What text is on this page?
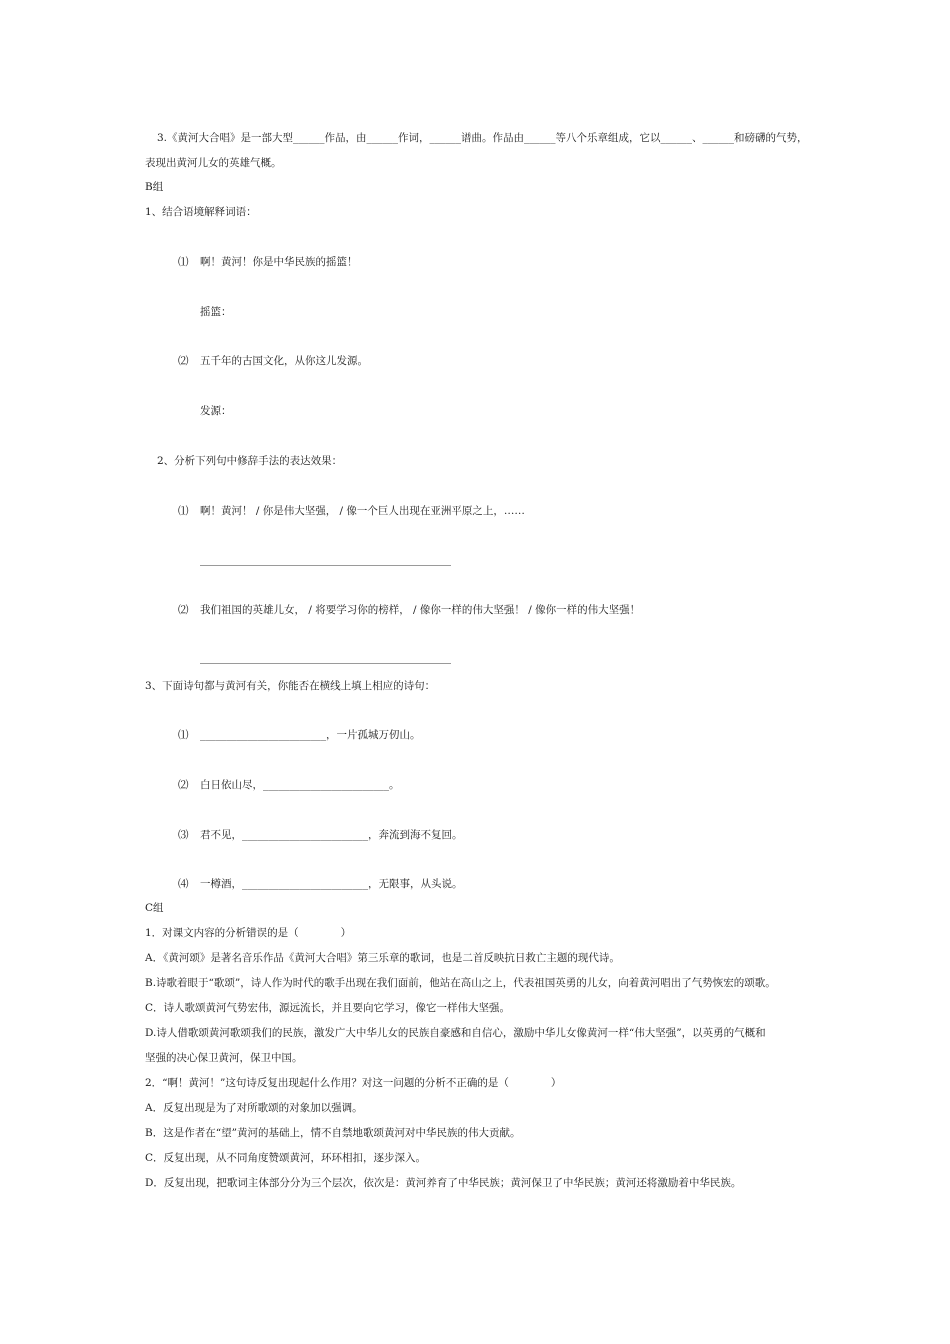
3.《黄河大合唱》是一部大型______作品，由______作词，______谱曲。作品由______等八个乐章组成，它以______、______和磅礴的气势，
表现出黄河儿女的英雄气概。
B组
1、结合语境解释词语：
⑴ 啊！黄河！你是中华民族的摇篮！
摇篮：
⑵ 五千年的古国文化，从你这儿发源。
发源：
2、分析下列句中修辞手法的表达效果：
⑴ 啊！黄河！ / 你是伟大坚强， / 像一个巨人出现在亚洲平原之上，……
⑵ 我们祖国的英雄儿女， / 将要学习你的榜样， / 像你一样的伟大坚强！ / 像你一样的伟大坚强！
3、下面诗句都与黄河有关，你能否在横线上填上相应的诗句：
⑴ ________________________，一片孤城万仞山。
⑵ 白日依山尽，________________________。
⑶ 君不见，________________________，奔流到海不复回。
⑷ 一樽酒，________________________，无限事，从头说。
C组
1．对课文内容的分析错误的是（　　　　）
A．《黄河颂》是著名音乐作品《黄河大合唱》第三乐章的歌词，也是二首反映抗日救亡主题的现代诗。
B.诗歌着眼于“歌颂”，诗人作为时代的歌手出现在我们面前，他站在高山之上，代表祖国英勇的儿女，向着黄河唱出了气势恢宏的颂歌。
C．诗人歌颂黄河气势宏伟，源远流长，并且要向它学习，像它一样伟大坚强。
D.诗人借歌颂黄河歌颂我们的民族，激发广大中华儿女的民族自豪感和自信心，激励中华儿女像黄河一样“伟大坚强”，以英勇的气概和
坚强的决心保卫黄河，保卫中国。
2．“啊！黄河！”这句诗反复出现起什么作用？对这一问题的分析不正确的是（　　　　）
A．反复出现是为了对所歌颂的对象加以强调。
B．这是作者在“望”黄河的基础上，情不自禁地歌颂黄河对中华民族的伟大贡献。
C．反复出现，从不同角度赞颂黄河，环环相扣，逐步深入。
D．反复出现，把歌词主体部分分为三个层次，依次是：黄河养育了中华民族；黄河保卫了中华民族；黄河还将激励着中华民族。
